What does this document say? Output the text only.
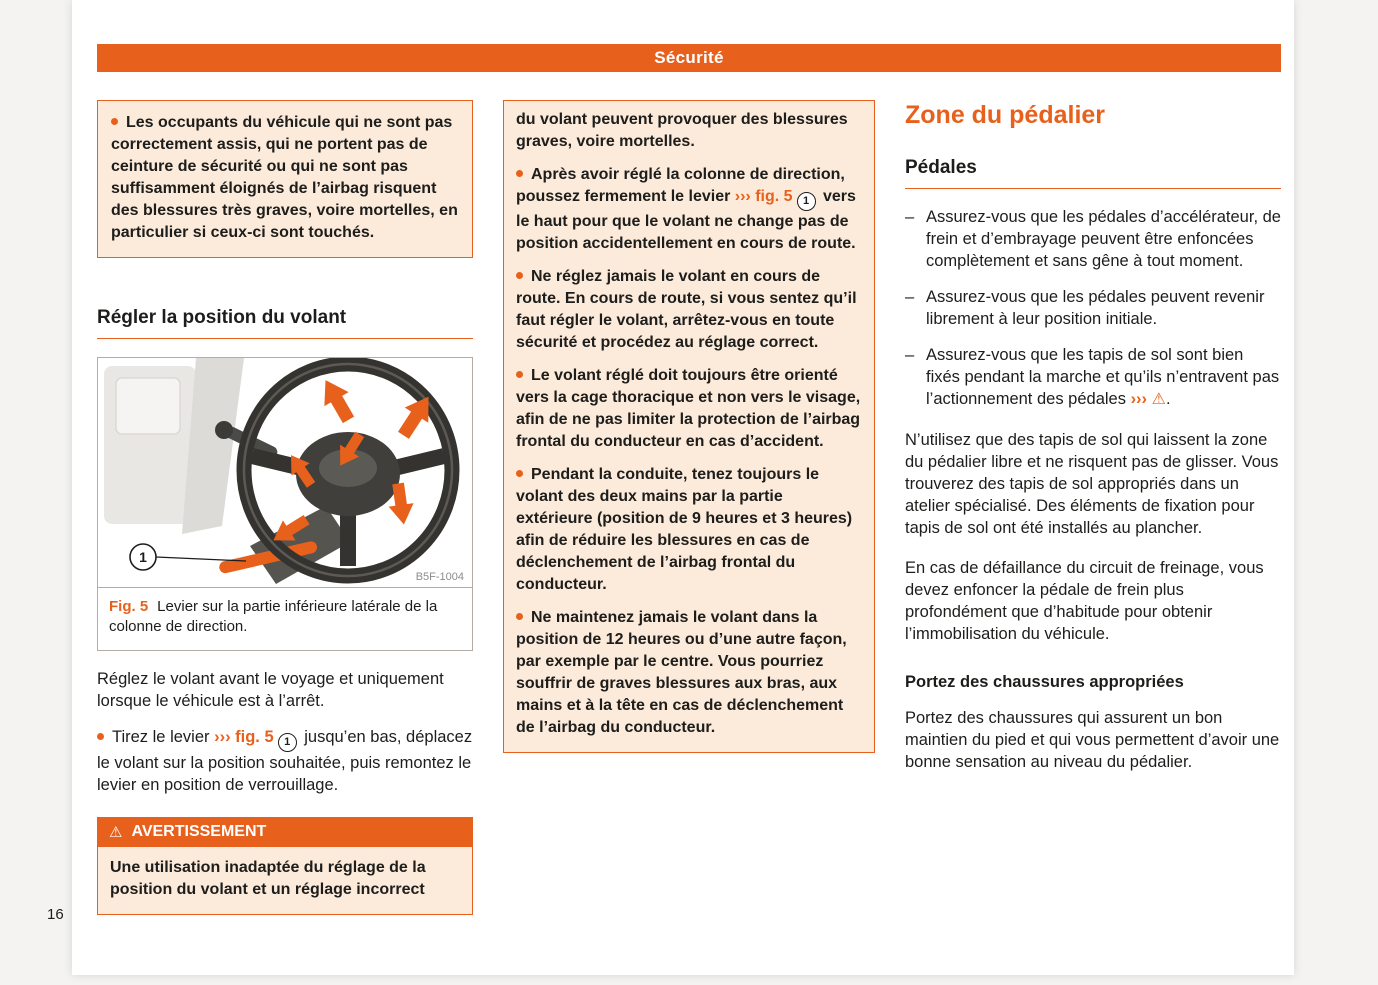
Sécurité

Les occupants du véhicule qui ne sont pas correctement assis, qui ne portent pas de ceinture de sécurité ou qui ne sont pas suffisamment éloignés de l’airbag risquent des blessures très graves, voire mortelles, en particulier si ceux-ci sont touchés.

Régler la position du volant
1
B5F-1004
Fig. 5 Levier sur la partie inférieure latérale de la colonne de direction.

Réglez le volant avant le voyage et uniquement lorsque le véhicule est à l’arrêt.

Tirez le levier ››› fig. 5 1 jusqu’en bas, déplacez le volant sur la position souhaitée, puis remontez le levier en position de verrouillage.

⚠ AVERTISSEMENT

Une utilisation inadaptée du réglage de la position du volant et un réglage incorrect

du volant peuvent provoquer des blessures graves, voire mortelles.

Après avoir réglé la colonne de direction, poussez fermement le levier ››› fig. 5 1 vers le haut pour que le volant ne change pas de position accidentellement en cours de route.

Ne réglez jamais le volant en cours de route. En cours de route, si vous sentez qu’il faut régler le volant, arrêtez-vous en toute sécurité et procédez au réglage correct.

Le volant réglé doit toujours être orienté vers la cage thoracique et non vers le visage, afin de ne pas limiter la protection de l’airbag frontal du conducteur en cas d’accident.

Pendant la conduite, tenez toujours le volant des deux mains par la partie extérieure (position de 9 heures et 3 heures) afin de réduire les blessures en cas de déclenchement de l’airbag frontal du conducteur.

Ne maintenez jamais le volant dans la position de 12 heures ou d’une autre façon, par exemple par le centre. Vous pourriez souffrir de graves blessures aux bras, aux mains et à la tête en cas de déclenchement de l’airbag du conducteur.

Zone du pédalier
Pédales

– Assurez-vous que les pédales d’accélérateur, de frein et d’embrayage peuvent être enfoncées complètement et sans gêne à tout moment.

– Assurez-vous que les pédales peuvent revenir librement à leur position initiale.

– Assurez-vous que les tapis de sol sont bien fixés pendant la marche et qu’ils n’entravent pas l’actionnement des pédales ››› ⚠.

N’utilisez que des tapis de sol qui laissent la zone du pédalier libre et ne risquent pas de glisser. Vous trouverez des tapis de sol appropriés dans un atelier spécialisé. Des éléments de fixation pour tapis de sol ont été installés au plancher.

En cas de défaillance du circuit de freinage, vous devez enfoncer la pédale de frein plus profondément que d’habitude pour obtenir l’immobilisation du véhicule.

Portez des chaussures appropriées

Portez des chaussures qui assurent un bon maintien du pied et qui vous permettent d’avoir une bonne sensation au niveau du pédalier.

16
